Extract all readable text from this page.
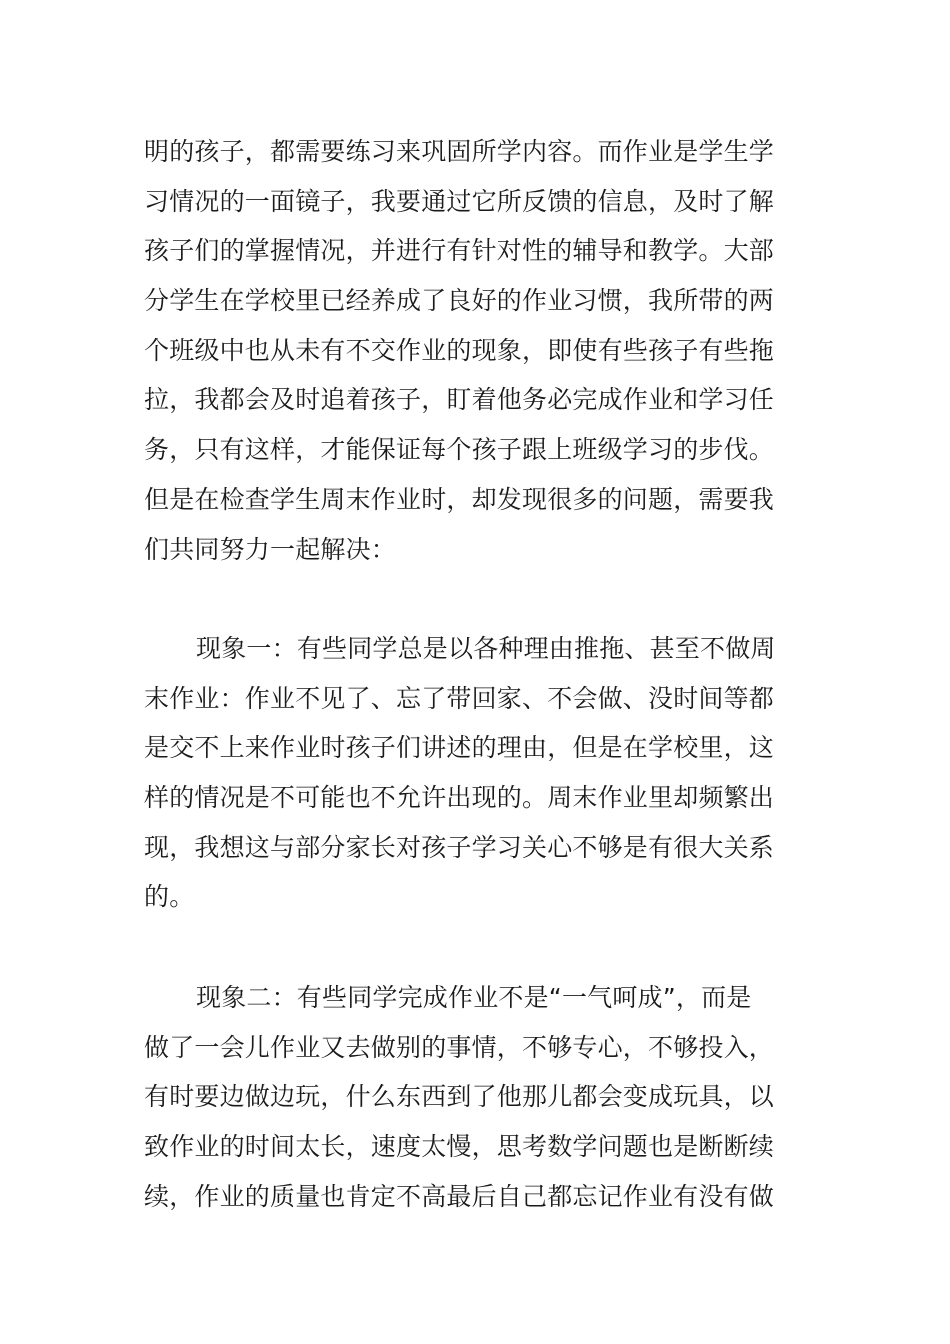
明的孩子，都需要练习来巩固所学内容。而作业是学生学
习情况的一面镜子，我要通过它所反馈的信息，及时了解
孩子们的掌握情况，并进行有针对性的辅导和教学。大部
分学生在学校里已经养成了良好的作业习惯，我所带的两
个班级中也从未有不交作业的现象，即使有些孩子有些拖
拉，我都会及时追着孩子，盯着他务必完成作业和学习任
务，只有这样，才能保证每个孩子跟上班级学习的步伐。
但是在检查学生周末作业时，却发现很多的问题，需要我
们共同努力一起解决：
现象一：有些同学总是以各种理由推拖、甚至不做周
末作业：作业不见了、忘了带回家、不会做、没时间等都
是交不上来作业时孩子们讲述的理由，但是在学校里，这
样的情况是不可能也不允许出现的。周末作业里却频繁出
现，我想这与部分家长对孩子学习关心不够是有很大关系
的。
现象二：有些同学完成作业不是“一气呵成”，而是
做了一会儿作业又去做别的事情，不够专心，不够投入，
有时要边做边玩，什么东西到了他那儿都会变成玩具，以
致作业的时间太长，速度太慢，思考数学问题也是断断续
续，作业的质量也肯定不高最后自己都忘记作业有没有做
